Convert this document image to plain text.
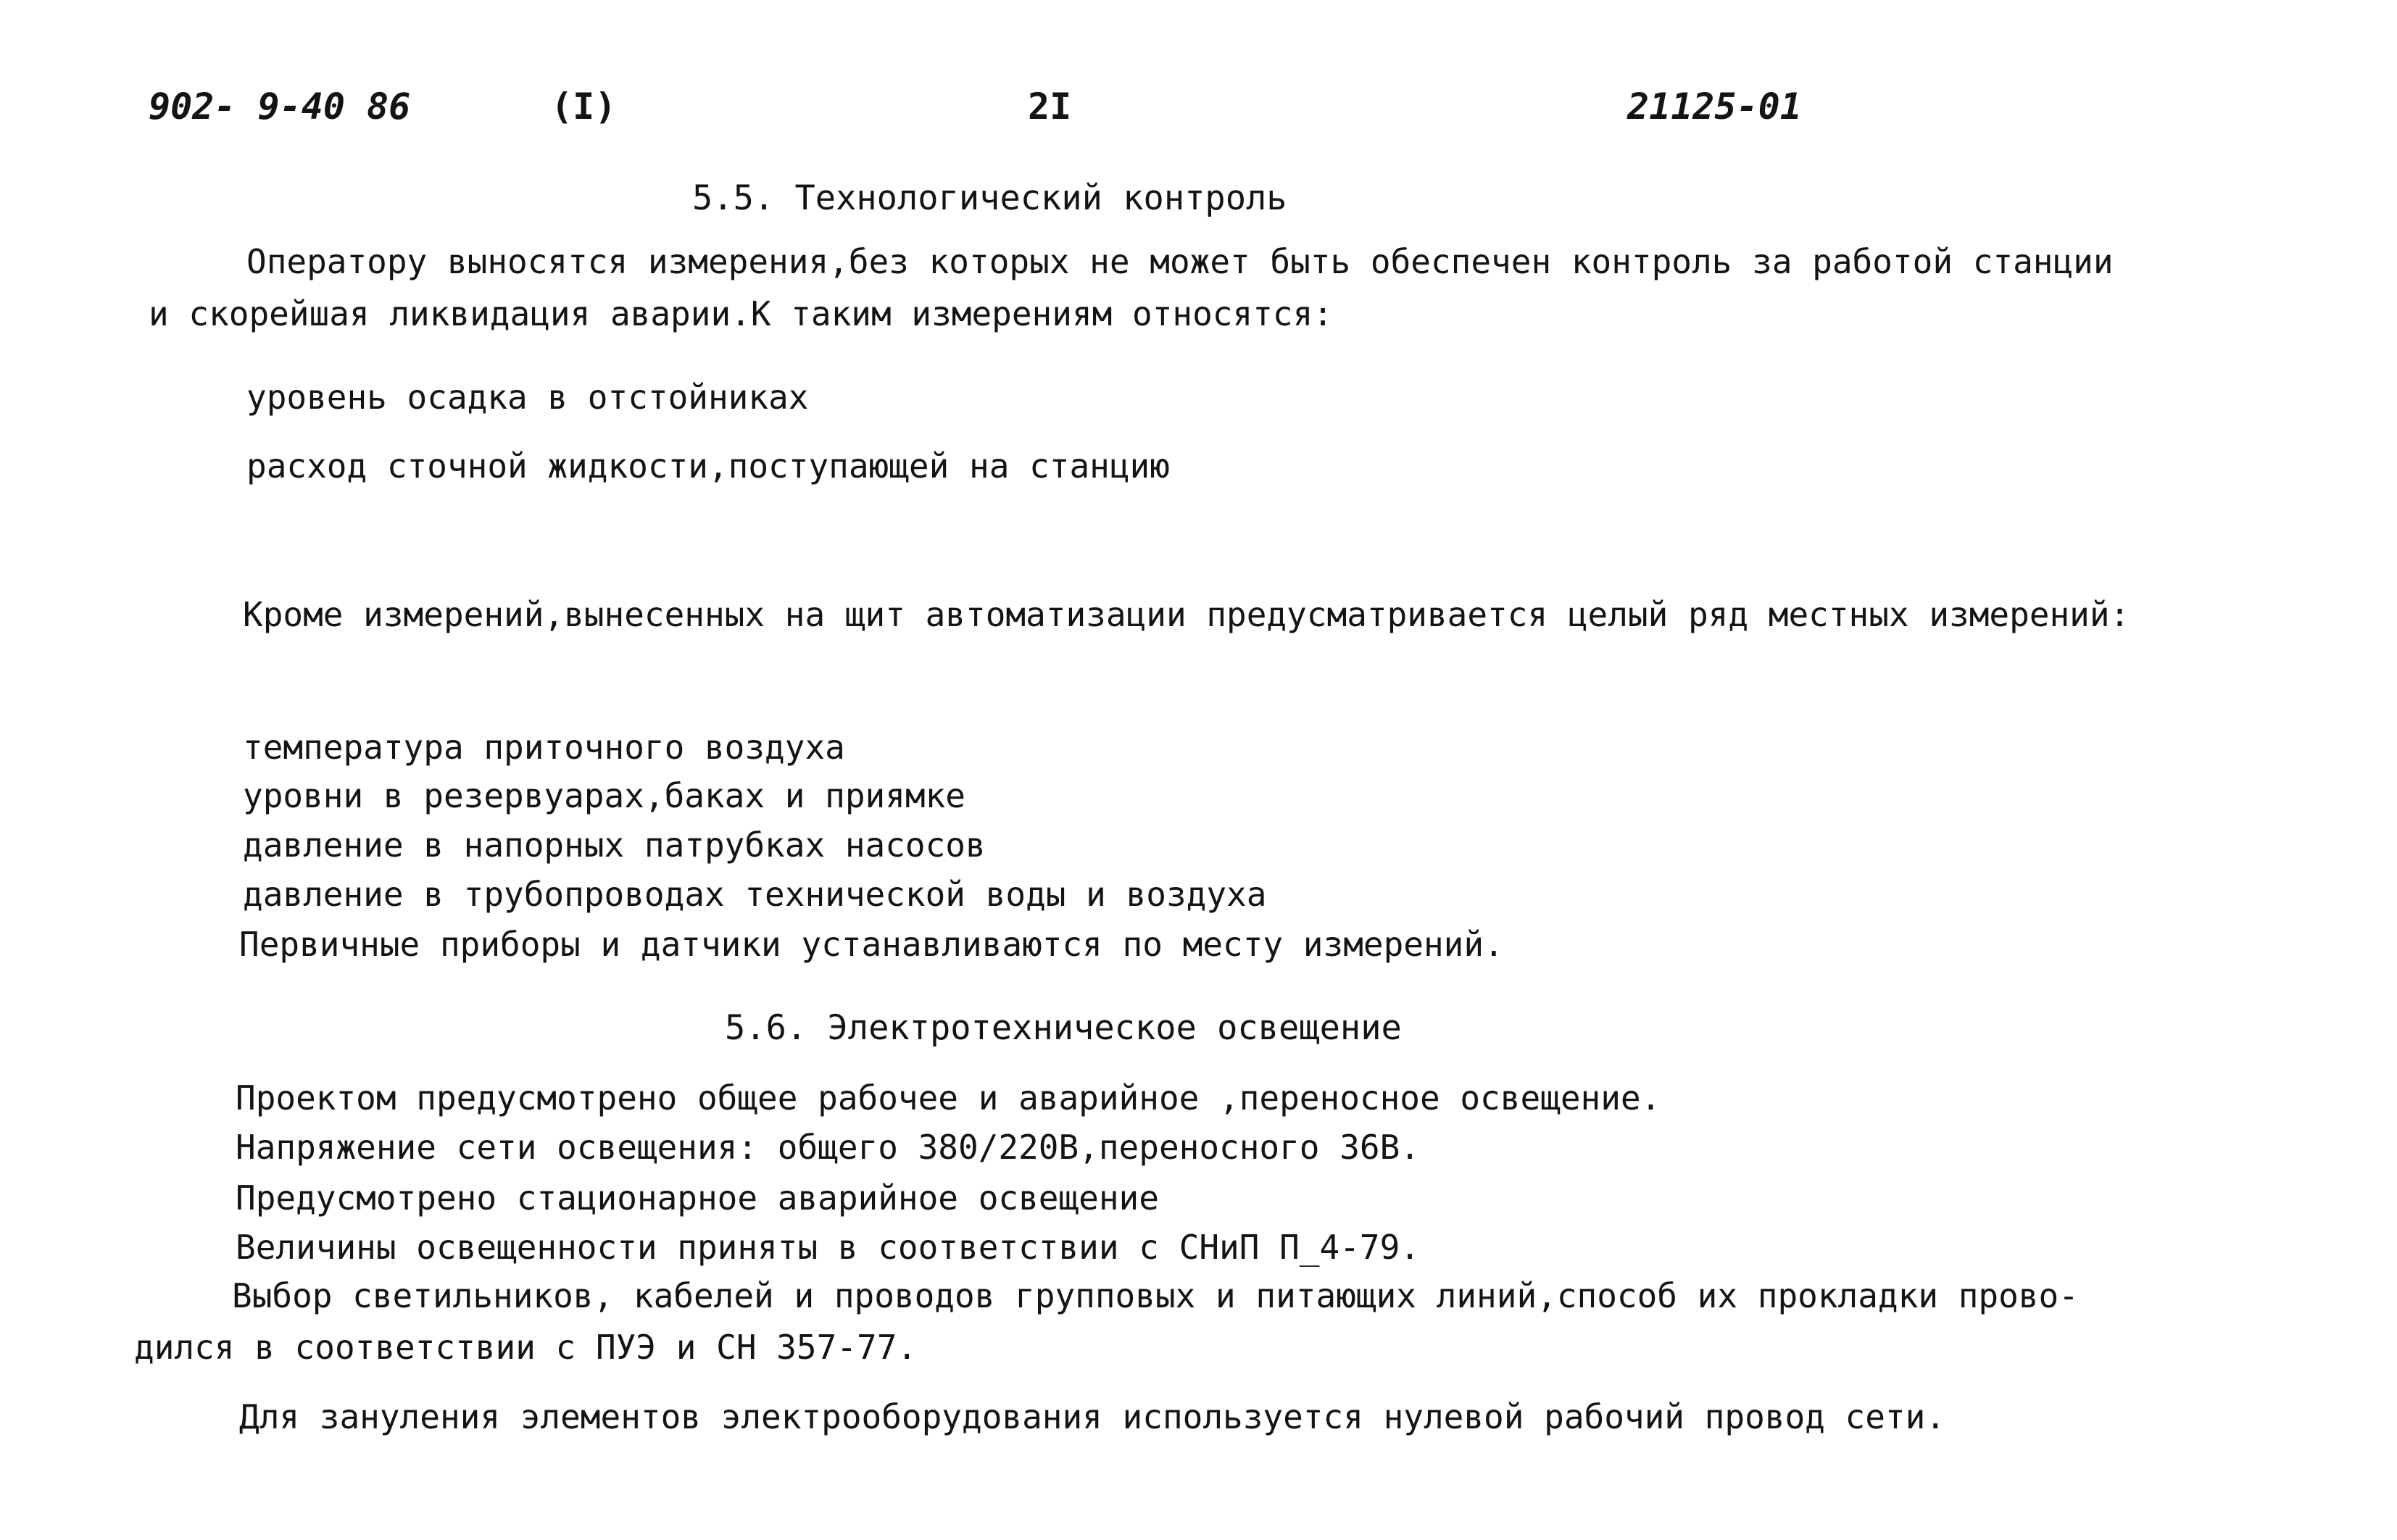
902- 9-40 86	(I)	2I	21125-01
5.5. Технологический контроль
Оператору выносятся измерения,без которых не может быть обеспечен контроль за работой станции
и скорейшая ликвидация аварии.К таким измерениям относятся:
уровень осадка в отстойниках
расход сточной жидкости,поступающей на станцию
Кроме измерений,вынесенных на щит автоматизации предусматривается целый ряд местных измерений:
температура приточного воздуха
уровни в резервуарах,баках и приямке
давление в напорных патрубках насосов
давление в трубопроводах технической воды и воздуха
Первичные приборы и датчики устанавливаются по месту измерений.
5.6. Электротехническое освещение
Проектом предусмотрено общее рабочее и аварийное ,переносное освещение.
Напряжение сети освещения: общего 380/220В,переносного 36В.
Предусмотрено стационарное аварийное освещение
Величины освещенности приняты в соответствии с СНиП П_4-79.
Выбор светильников, кабелей и проводов групповых и питающих линий,способ их прокладки прово-
дился в соответствии с ПУЭ и СН 357-77.
Для зануления элементов электрооборудования используется нулевой рабочий провод сети.
